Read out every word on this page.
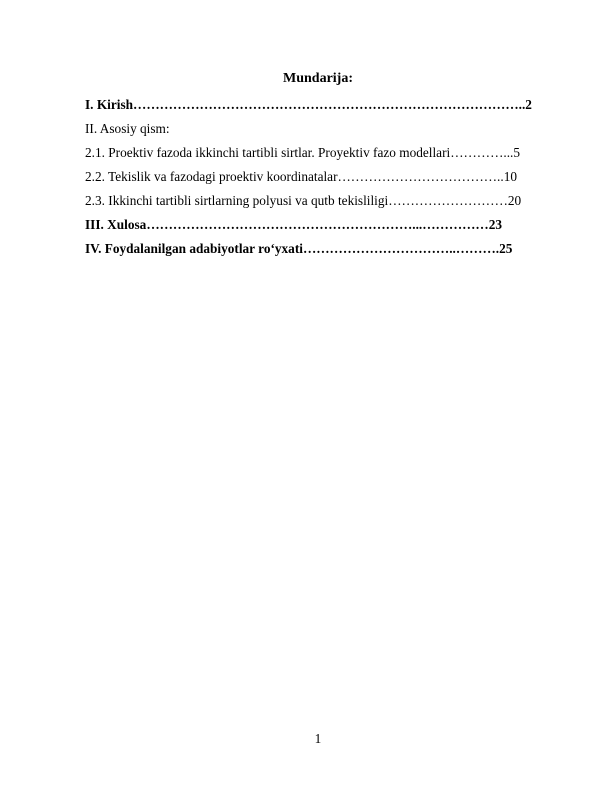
Mundarija:
I. Kirish……………………………………………………………………………..2
II. Asosiy qism:
2.1. Proektiv fazoda ikkinchi tartibli sirtlar. Proyektiv fazo modellari…………...5
2.2. Tekislik va fazodagi proektiv koordinatalar………………………………..10
2.3. Ikkinchi tartibli sirtlarning polyusi va qutb tekisliligi………………………20
III. Xulosa……………………………………………………...……………23
IV. Foydalanilgan adabiyotlar ro‘yxati……………………………..……….25
1
